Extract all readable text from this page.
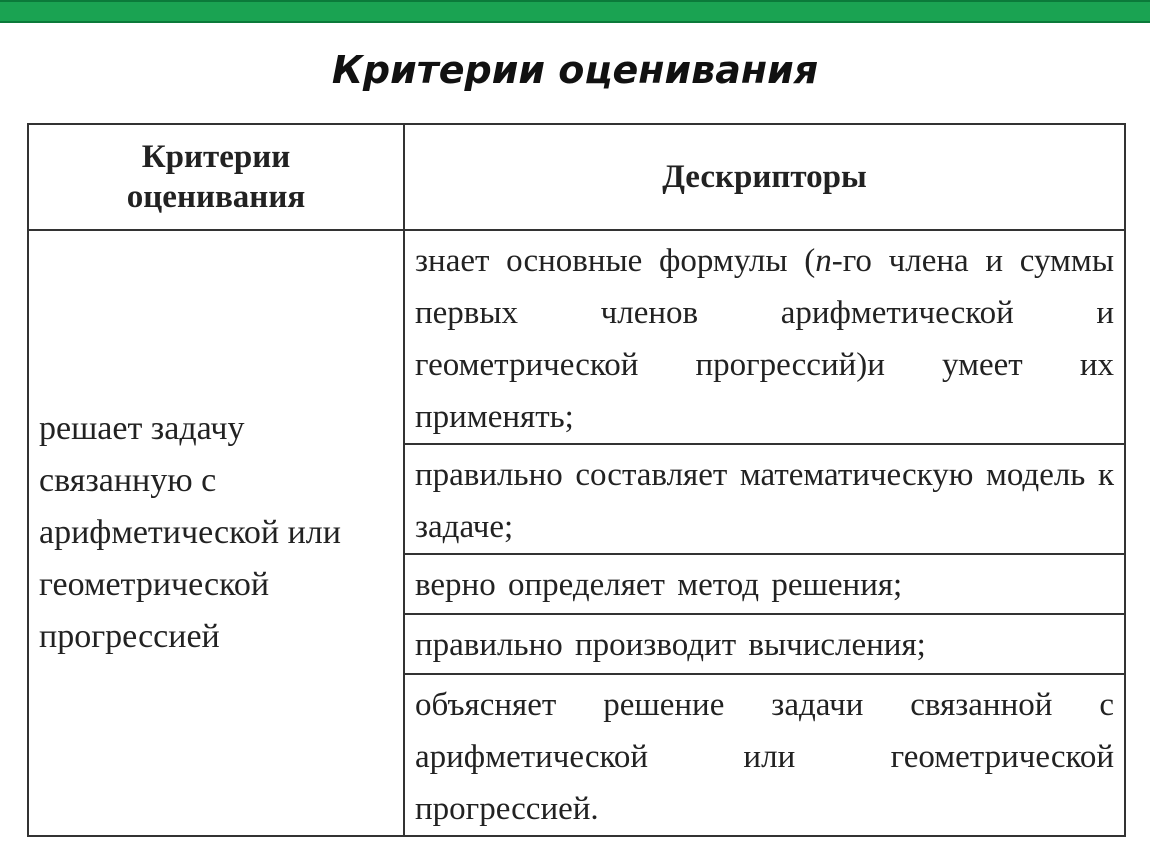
Критерии оценивания
Критерии
оценивания	Дескрипторы
решает задачу связанную с арифметической или геометрической прогрессией	знает основные формулы (n-го члена и суммы первых членов арифметической и геометрической прогрессий)и умеет их применять;
	правильно составляет математическую модель к задаче;
	верно определяет метод решения;
	правильно производит вычисления;
	объясняет решение задачи связанной с арифметической или геометрической прогрессией.
